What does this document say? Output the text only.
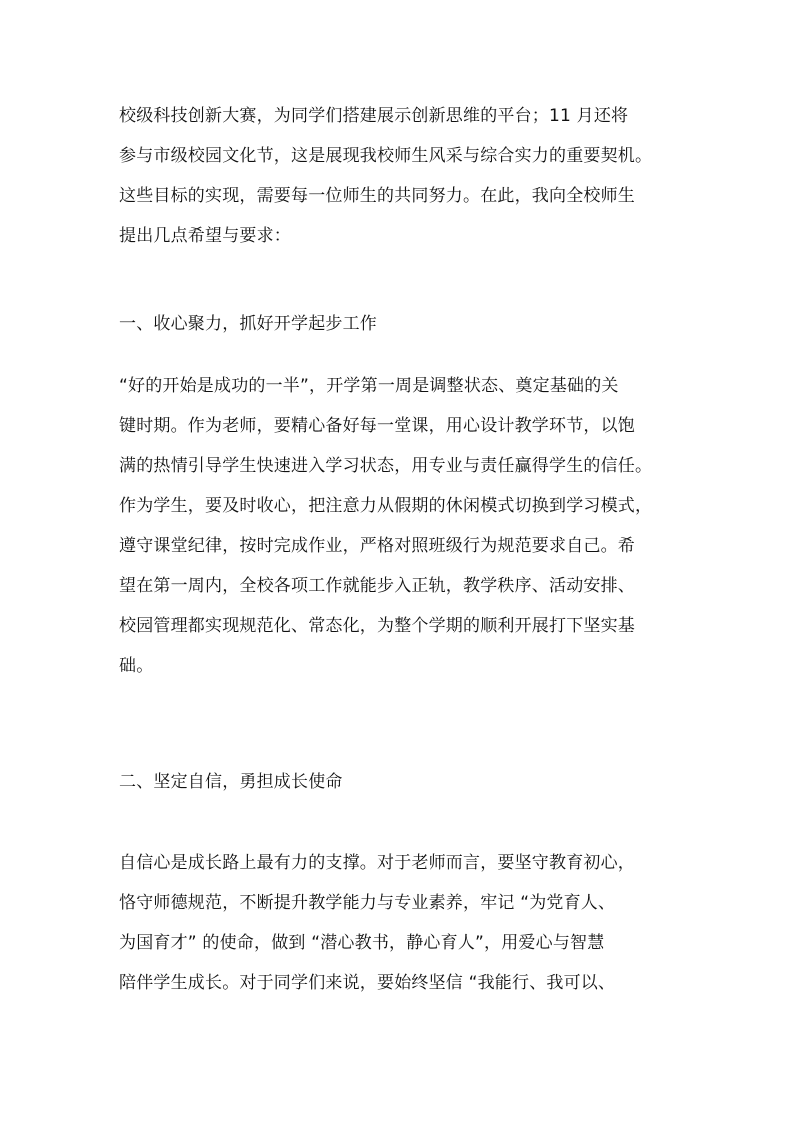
校级科技创新大赛，为同学们搭建展示创新思维的平台；11 月还将
参与市级校园文化节，这是展现我校师生风采与综合实力的重要契机。
这些目标的实现，需要每一位师生的共同努力。在此，我向全校师生
提出几点希望与要求：
一、收心聚力，抓好开学起步工作
“好的开始是成功的一半”，开学第一周是调整状态、奠定基础的关
键时期。作为老师，要精心备好每一堂课，用心设计教学环节，以饱
满的热情引导学生快速进入学习状态，用专业与责任赢得学生的信任。
作为学生，要及时收心，把注意力从假期的休闲模式切换到学习模式，
遵守课堂纪律，按时完成作业，严格对照班级行为规范要求自己。希
望在第一周内，全校各项工作就能步入正轨，教学秩序、活动安排、
校园管理都实现规范化、常态化，为整个学期的顺利开展打下坚实基
础。
二、坚定自信，勇担成长使命
自信心是成长路上最有力的支撑。对于老师而言，要坚守教育初心，
恪守师德规范，不断提升教学能力与专业素养，牢记 “为党育人、
为国育才” 的使命，做到 “潜心教书，静心育人”，用爱心与智慧
陪伴学生成长。对于同学们来说，要始终坚信 “我能行、我可以、
